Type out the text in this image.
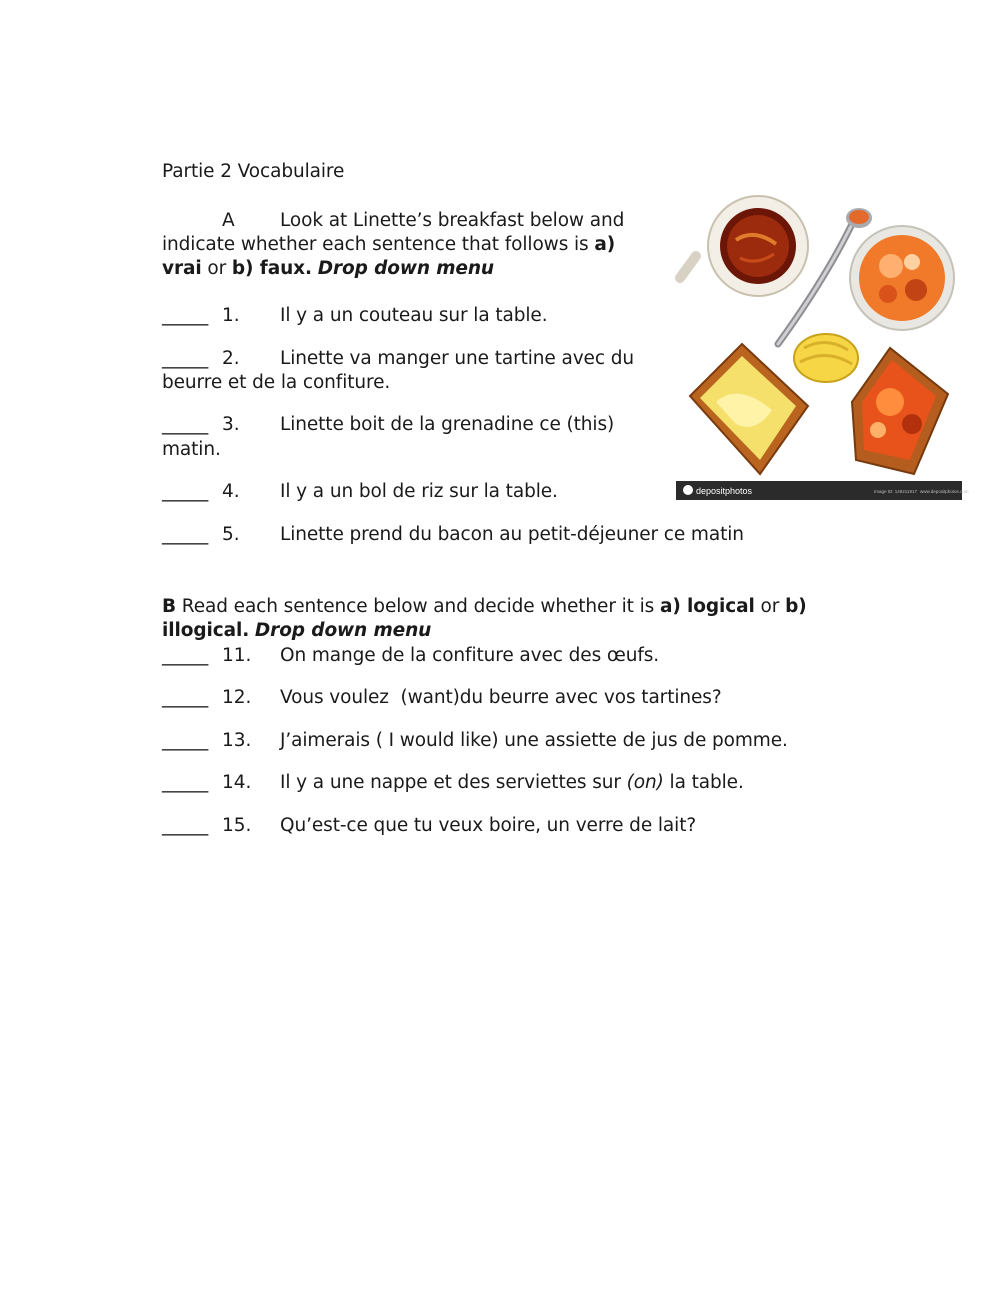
Partie 2 Vocabulaire
A Look at Linette’s breakfast below and
indicate whether each sentence that follows is a)
vrai or b) faux. Drop down menu
_____ 1. Il y a un couteau sur la table.
_____ 2. Linette va manger une tartine avec du
beurre et de la confiture.
_____ 3. Linette boit de la grenadine ce (this)
matin.
_____ 4. Il y a un bol de riz sur la table.
_____ 5. Linette prend du bacon au petit-déjeuner ce matin
B Read each sentence below and decide whether it is a) logical or b)
illogical. Drop down menu
_____ 11. On mange de la confiture avec des œufs.
_____ 12. Vous voulez  (want)du beurre avec vos tartines?
_____ 13. J’aimerais ( I would like) une assiette de jus de pomme.
_____ 14. Il y a une nappe et des serviettes sur (on) la table.
_____ 15. Qu’est-ce que tu veux boire, un verre de lait?
depositphotos	Image ID: 149211917 www.depositphotos.com
